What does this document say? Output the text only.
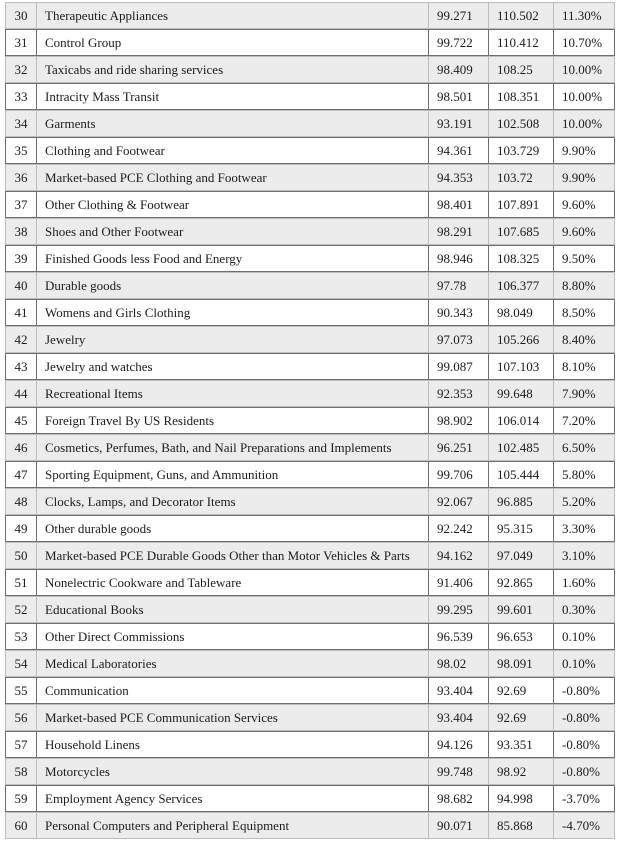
30	Therapeutic Appliances	99.271	110.502	11.30%
31	Control Group	99.722	110.412	10.70%
32	Taxicabs and ride sharing services	98.409	108.25	10.00%
33	Intracity Mass Transit	98.501	108.351	10.00%
34	Garments	93.191	102.508	10.00%
35	Clothing and Footwear	94.361	103.729	9.90%
36	Market-based PCE Clothing and Footwear	94.353	103.72	9.90%
37	Other Clothing & Footwear	98.401	107.891	9.60%
38	Shoes and Other Footwear	98.291	107.685	9.60%
39	Finished Goods less Food and Energy	98.946	108.325	9.50%
40	Durable goods	97.78	106.377	8.80%
41	Womens and Girls Clothing	90.343	98.049	8.50%
42	Jewelry	97.073	105.266	8.40%
43	Jewelry and watches	99.087	107.103	8.10%
44	Recreational Items	92.353	99.648	7.90%
45	Foreign Travel By US Residents	98.902	106.014	7.20%
46	Cosmetics, Perfumes, Bath, and Nail Preparations and Implements	96.251	102.485	6.50%
47	Sporting Equipment, Guns, and Ammunition	99.706	105.444	5.80%
48	Clocks, Lamps, and Decorator Items	92.067	96.885	5.20%
49	Other durable goods	92.242	95.315	3.30%
50	Market-based PCE Durable Goods Other than Motor Vehicles & Parts	94.162	97.049	3.10%
51	Nonelectric Cookware and Tableware	91.406	92.865	1.60%
52	Educational Books	99.295	99.601	0.30%
53	Other Direct Commissions	96.539	96.653	0.10%
54	Medical Laboratories	98.02	98.091	0.10%
55	Communication	93.404	92.69	-0.80%
56	Market-based PCE Communication Services	93.404	92.69	-0.80%
57	Household Linens	94.126	93.351	-0.80%
58	Motorcycles	99.748	98.92	-0.80%
59	Employment Agency Services	98.682	94.998	-3.70%
60	Personal Computers and Peripheral Equipment	90.071	85.868	-4.70%
